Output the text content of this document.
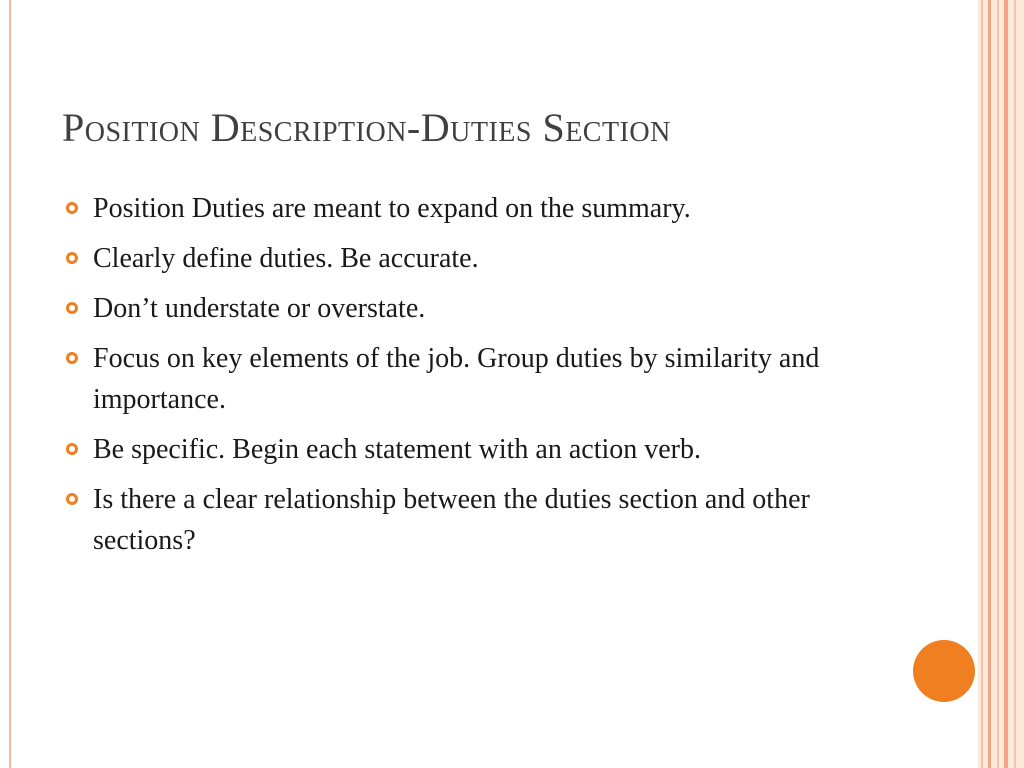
Position Description-Duties Section
Position Duties are meant to expand on the summary.
Clearly define duties. Be accurate.
Don’t understate or overstate.
Focus on key elements of the job. Group duties by similarity and importance.
Be specific. Begin each statement with an action verb.
Is there a clear relationship between the duties section and other sections?
